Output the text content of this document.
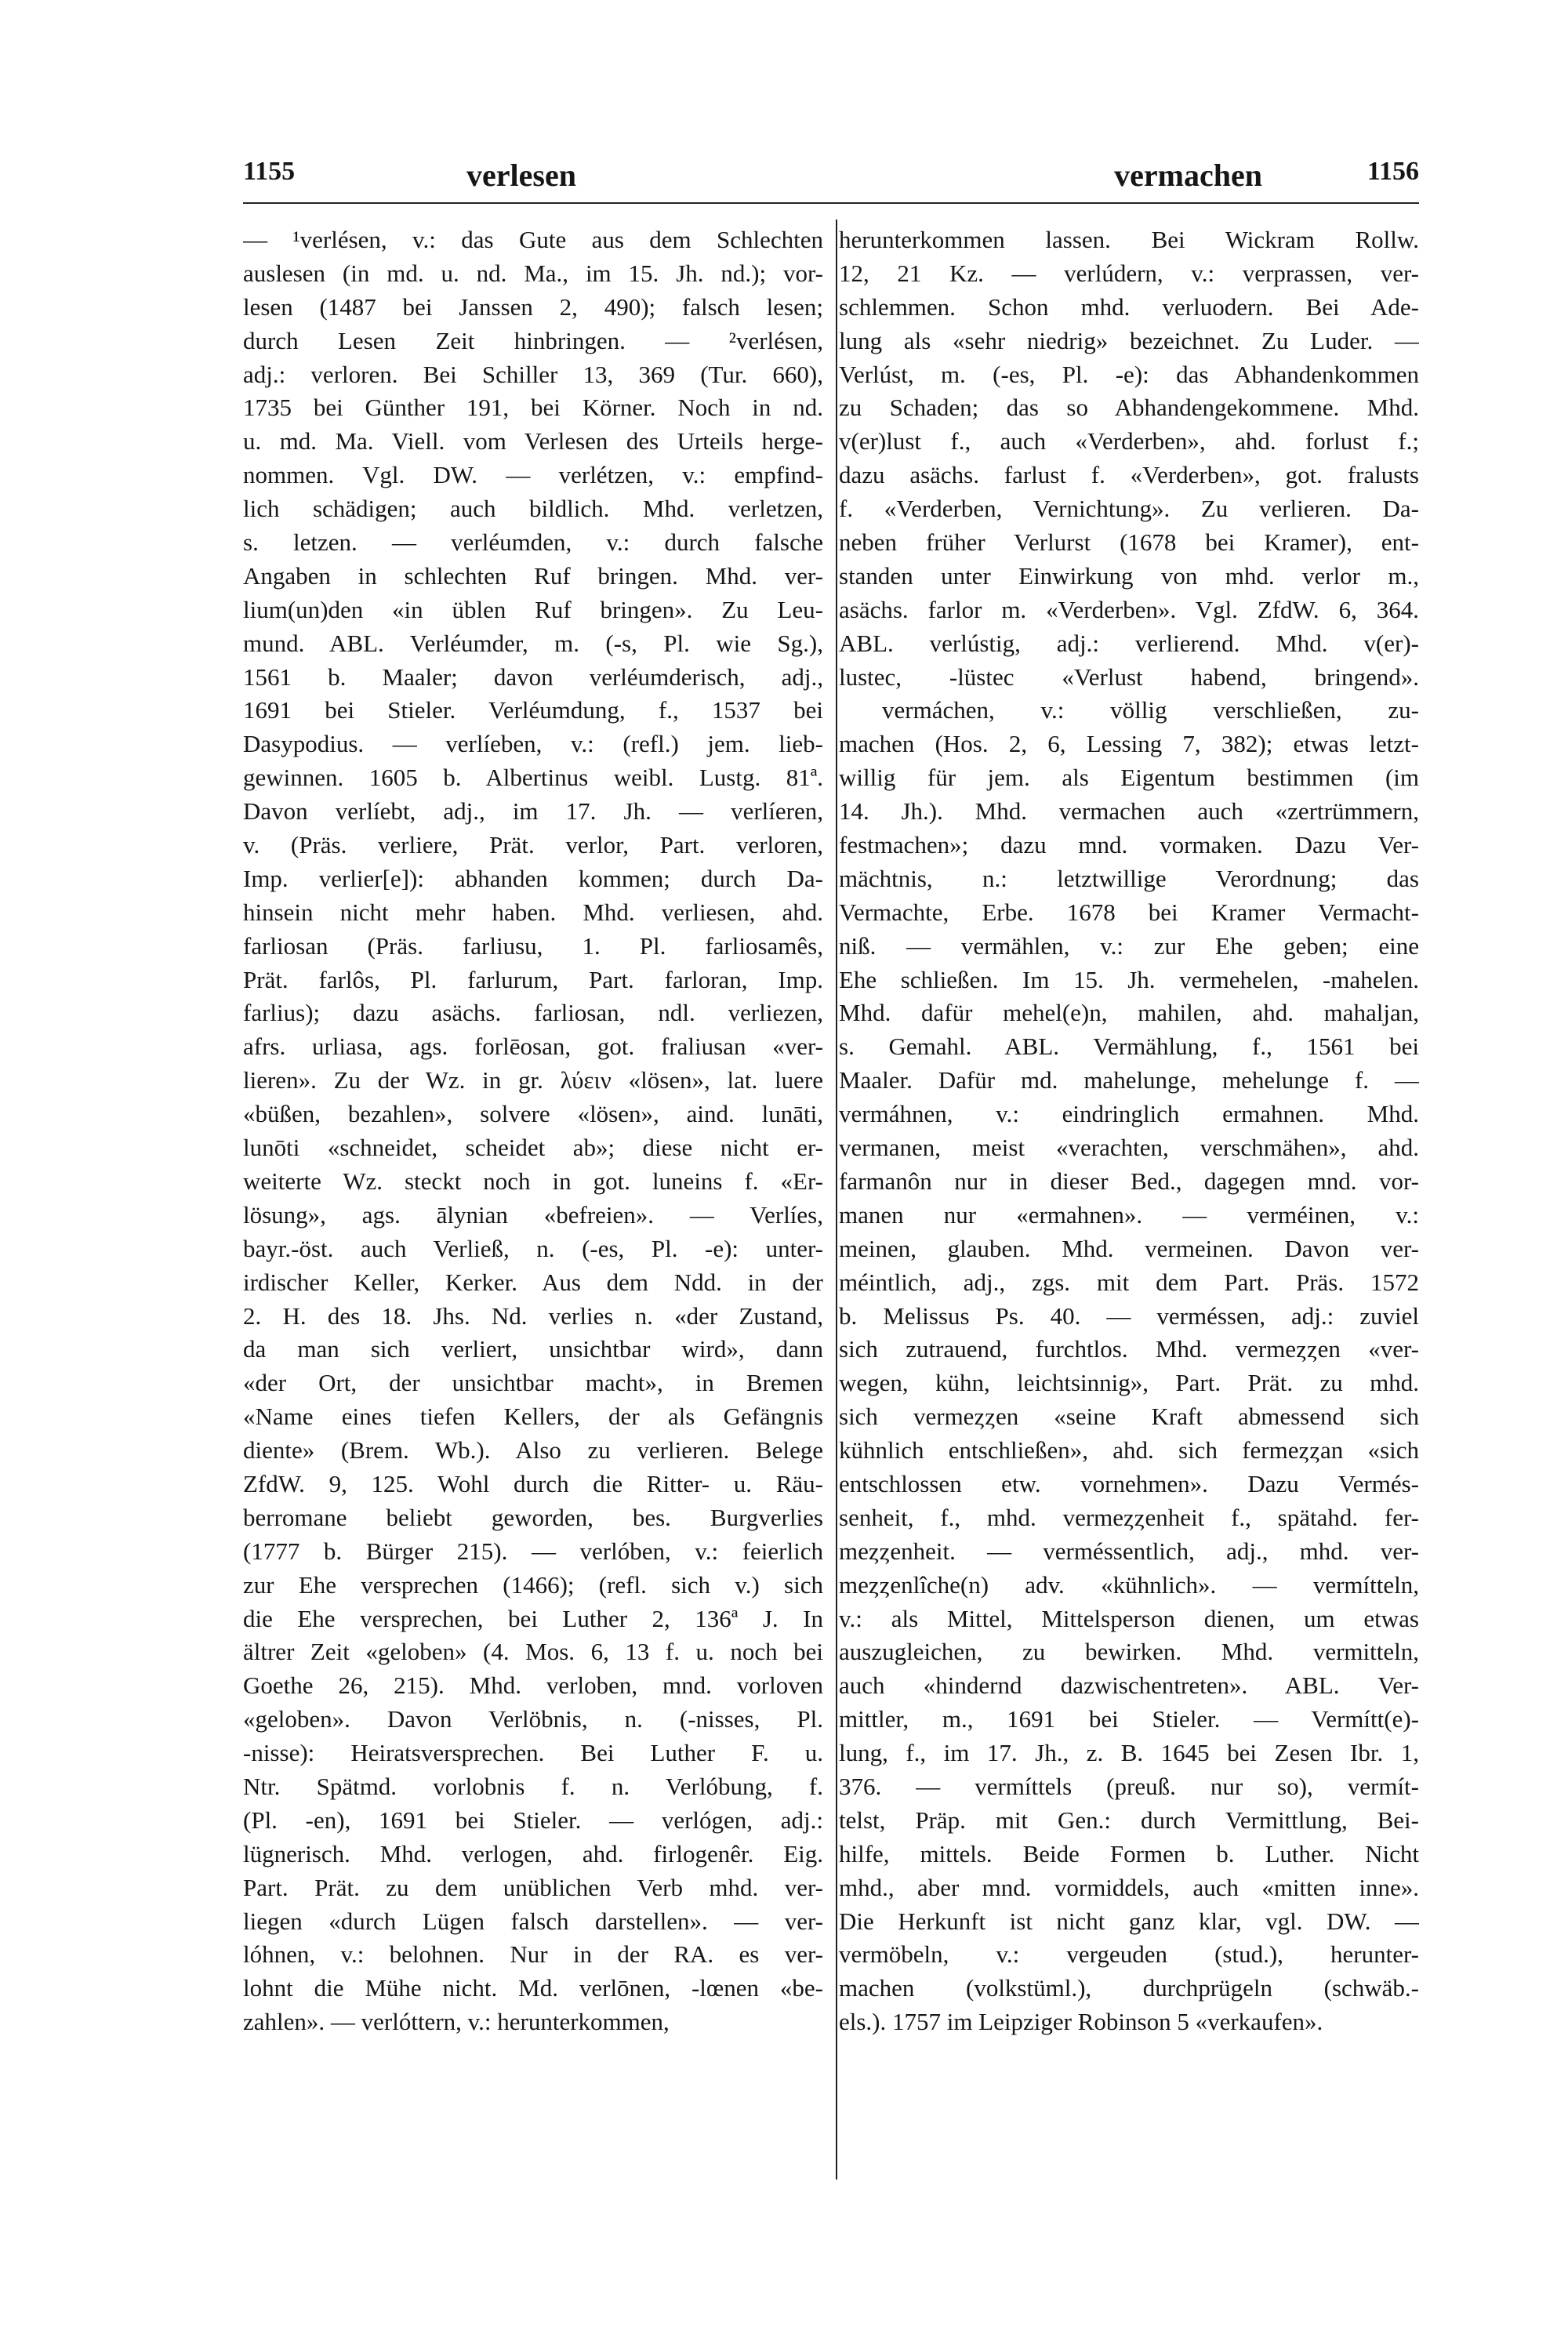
1155	verlesen	vermachen	1156
— ¹verlésen, v.: das Gute aus dem Schlechten
auslesen (in md. u. nd. Ma., im 15. Jh. nd.); vor-
lesen (1487 bei Janssen 2, 490); falsch lesen;
durch Lesen Zeit hinbringen. — ²verlésen,
adj.: verloren. Bei Schiller 13, 369 (Tur. 660),
1735 bei Günther 191, bei Körner. Noch in nd.
u. md. Ma. Viell. vom Verlesen des Urteils herge-
nommen. Vgl. DW. — verlétzen, v.: empfind-
lich schädigen; auch bildlich. Mhd. verletzen,
s. letzen. — verléumden, v.: durch falsche
Angaben in schlechten Ruf bringen. Mhd. ver-
lium(un)den «in üblen Ruf bringen». Zu Leu-
mund. ABL. Verléumder, m. (-s, Pl. wie Sg.),
1561 b. Maaler; davon verléumderisch, adj.,
1691 bei Stieler. Verléumdung, f., 1537 bei
Dasypodius. — verlíeben, v.: (refl.) jem. lieb-
gewinnen. 1605 b. Albertinus weibl. Lustg. 81ª.
Davon verlíebt, adj., im 17. Jh. — verlíeren,
v. (Präs. verliere, Prät. verlor, Part. verloren,
Imp. verlier[e]): abhanden kommen; durch Da-
hinsein nicht mehr haben. Mhd. verliesen, ahd.
farliosan (Präs. farliusu, 1. Pl. farliosamês,
Prät. farlôs, Pl. farlurum, Part. farloran, Imp.
farlius); dazu asächs. farliosan, ndl. verliezen,
afrs. urliasa, ags. forlēosan, got. fraliusan «ver-
lieren». Zu der Wz. in gr. λύειν «lösen», lat. luere
«büßen, bezahlen», solvere «lösen», aind. lunāti,
lunōti «schneidet, scheidet ab»; diese nicht er-
weiterte Wz. steckt noch in got. luneins f. «Er-
lösung», ags. ālynian «befreien». — Verlíes,
bayr.-öst. auch Verließ, n. (-es, Pl. -e): unter-
irdischer Keller, Kerker. Aus dem Ndd. in der
2. H. des 18. Jhs. Nd. verlies n. «der Zustand,
da man sich verliert, unsichtbar wird», dann
«der Ort, der unsichtbar macht», in Bremen
«Name eines tiefen Kellers, der als Gefängnis
diente» (Brem. Wb.). Also zu verlieren. Belege
ZfdW. 9, 125. Wohl durch die Ritter- u. Räu-
berromane beliebt geworden, bes. Burgverlies
(1777 b. Bürger 215). — verlóben, v.: feierlich
zur Ehe versprechen (1466); (refl. sich v.) sich
die Ehe versprechen, bei Luther 2, 136ª J. In
ältrer Zeit «geloben» (4. Mos. 6, 13 f. u. noch bei
Goethe 26, 215). Mhd. verloben, mnd. vorloven
«geloben». Davon Verlöbnis, n. (-nisses, Pl.
-nisse): Heiratsversprechen. Bei Luther F. u.
Ntr. Spätmd. vorlobnis f. n. Verlóbung, f.
(Pl. -en), 1691 bei Stieler. — verlógen, adj.:
lügnerisch. Mhd. verlogen, ahd. firlogenêr. Eig.
Part. Prät. zu dem unüblichen Verb mhd. ver-
liegen «durch Lügen falsch darstellen». — ver-
lóhnen, v.: belohnen. Nur in der RA. es ver-
lohnt die Mühe nicht. Md. verlōnen, -lœnen «be-
zahlen». — verlóttern, v.: herunterkommen,
herunterkommen lassen. Bei Wickram Rollw.
12, 21 Kz. — verlúdern, v.: verprassen, ver-
schlemmen. Schon mhd. verluodern. Bei Ade-
lung als «sehr niedrig» bezeichnet. Zu Luder. —
Verlúst, m. (-es, Pl. -e): das Abhandenkommen
zu Schaden; das so Abhandengekommene. Mhd.
v(er)lust f., auch «Verderben», ahd. forlust f.;
dazu asächs. farlust f. «Verderben», got. fralusts
f. «Verderben, Vernichtung». Zu verlieren. Da-
neben früher Verlurst (1678 bei Kramer), ent-
standen unter Einwirkung von mhd. verlor m.,
asächs. farlor m. «Verderben». Vgl. ZfdW. 6, 364.
ABL. verlústig, adj.: verlierend. Mhd. v(er)-
lustec, -lüstec «Verlust habend, bringend».
vermáchen, v.: völlig verschließen, zu-
machen (Hos. 2, 6, Lessing 7, 382); etwas letzt-
willig für jem. als Eigentum bestimmen (im
14. Jh.). Mhd. vermachen auch «zertrümmern,
festmachen»; dazu mnd. vormaken. Dazu Ver-
mächtnis, n.: letztwillige Verordnung; das
Vermachte, Erbe. 1678 bei Kramer Vermacht-
niß. — vermählen, v.: zur Ehe geben; eine
Ehe schließen. Im 15. Jh. vermehelen, -mahelen.
Mhd. dafür mehel(e)n, mahilen, ahd. mahaljan,
s. Gemahl. ABL. Vermählung, f., 1561 bei
Maaler. Dafür md. mahelunge, mehelunge f. —
vermáhnen, v.: eindringlich ermahnen. Mhd.
vermanen, meist «verachten, verschmähen», ahd.
farmanôn nur in dieser Bed., dagegen mnd. vor-
manen nur «ermahnen». — verméinen, v.:
meinen, glauben. Mhd. vermeinen. Davon ver-
méintlich, adj., zgs. mit dem Part. Präs. 1572
b. Melissus Ps. 40. — verméssen, adj.: zuviel
sich zutrauend, furchtlos. Mhd. vermeȥȥen «ver-
wegen, kühn, leichtsinnig», Part. Prät. zu mhd.
sich vermeȥȥen «seine Kraft abmessend sich
kühnlich entschließen», ahd. sich fermeȥȥan «sich
entschlossen etw. vornehmen». Dazu Vermés-
senheit, f., mhd. vermeȥȥenheit f., spätahd. fer-
meȥȥenheit. — verméssentlich, adj., mhd. ver-
meȥȥenlîche(n) adv. «kühnlich». — vermítteln,
v.: als Mittel, Mittelsperson dienen, um etwas
auszugleichen, zu bewirken. Mhd. vermitteln,
auch «hindernd dazwischentreten». ABL. Ver-
mittler, m., 1691 bei Stieler. — Vermítt(e)-
lung, f., im 17. Jh., z. B. 1645 bei Zesen Ibr. 1,
376. — vermíttels (preuß. nur so), vermít-
telst, Präp. mit Gen.: durch Vermittlung, Bei-
hilfe, mittels. Beide Formen b. Luther. Nicht
mhd., aber mnd. vormiddels, auch «mitten inne».
Die Herkunft ist nicht ganz klar, vgl. DW. —
vermöbeln, v.: vergeuden (stud.), herunter-
machen (volkstüml.), durchprügeln (schwäb.-
els.). 1757 im Leipziger Robinson 5 «verkaufen».
